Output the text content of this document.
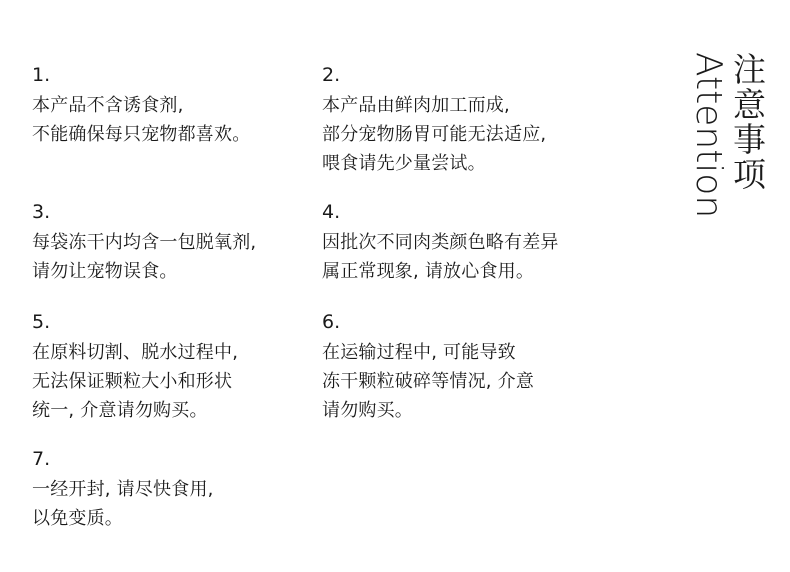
1.
本产品不含诱食剂,
不能确保每只宠物都喜欢。
2.
本产品由鲜肉加工而成,
部分宠物肠胃可能无法适应,
喂食请先少量尝试。
3.
每袋冻干内均含一包脱氧剂,
请勿让宠物误食。
4.
因批次不同肉类颜色略有差异
属正常现象, 请放心食用。
5.
在原料切割、脱水过程中,
无法保证颗粒大小和形状
统一, 介意请勿购买。
6.
在运输过程中, 可能导致
冻干颗粒破碎等情况, 介意
请勿购买。
7.
一经开封, 请尽快食用,
以免变质。
Attention 注意事项
